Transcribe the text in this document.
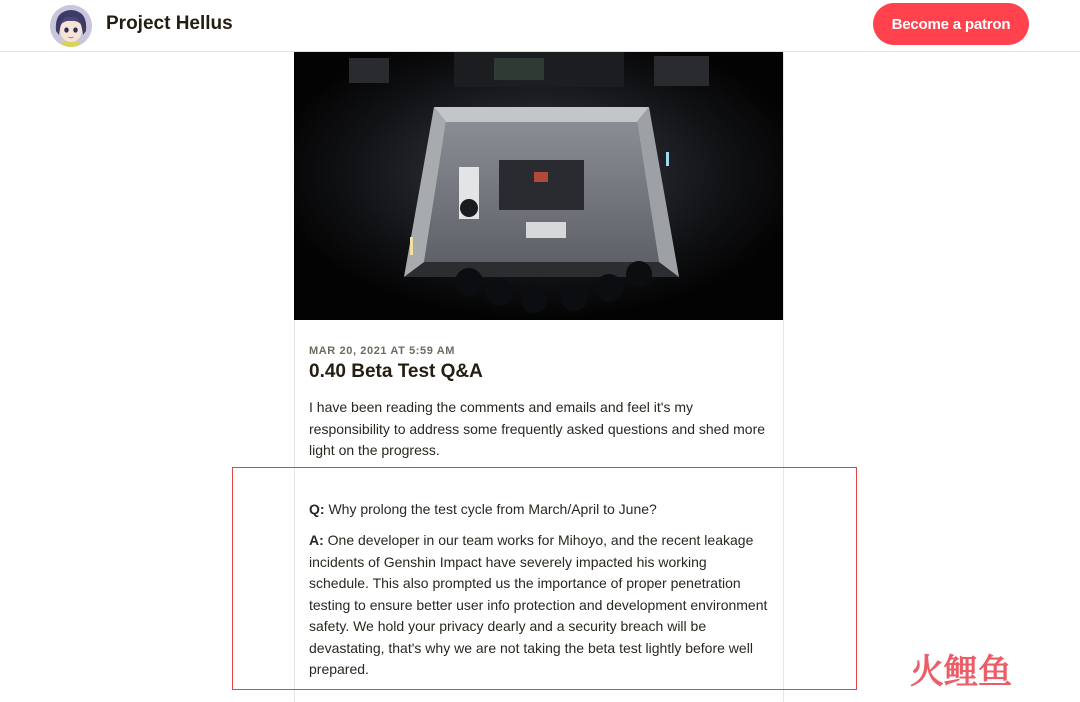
Project Hellus	Become a patron
MAR 20, 2021 AT 5:59 AM
0.40 Beta Test Q&A

I have been reading the comments and emails and feel it's my responsibility to address some frequently asked questions and shed more light on the progress.

Q: Why prolong the test cycle from March/April to June?

A: One developer in our team works for Mihoyo, and the recent leakage incidents of Genshin Impact have severely impacted his working schedule. This also prompted us the importance of proper penetration testing to ensure better user info protection and development environment safety. We hold your privacy dearly and a security breach will be devastating, that's why we are not taking the beta test lightly before well prepared.	火鲤鱼
